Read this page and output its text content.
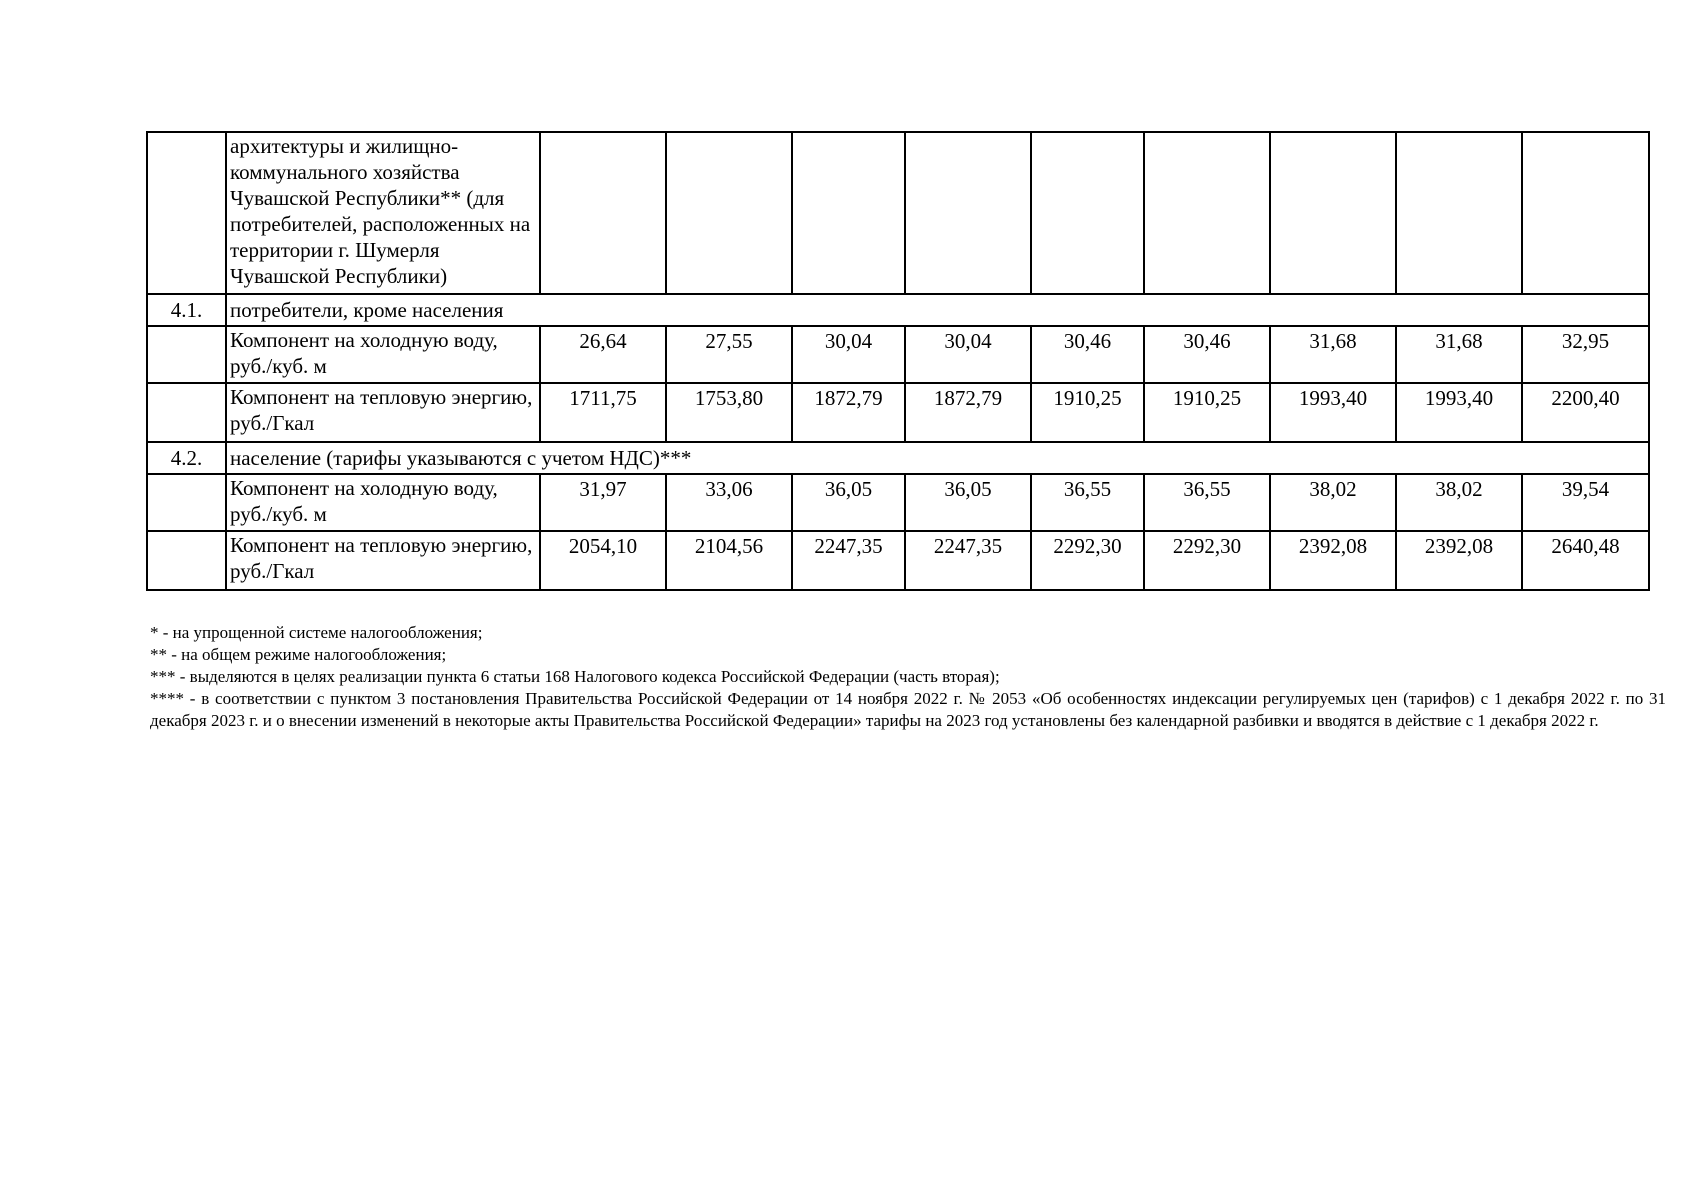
	архитектуры и жилищно-коммунального хозяйства Чувашской Республики** (для потребителей, расположенных на территории г. Шумерля Чувашской Республики)									
4.1.	потребители, кроме населения									
	Компонент на холодную воду, руб./куб. м	26,64	27,55	30,04	30,04	30,46	30,46	31,68	31,68	32,95
	Компонент на тепловую энергию, руб./Гкал	1711,75	1753,80	1872,79	1872,79	1910,25	1910,25	1993,40	1993,40	2200,40
4.2.	население (тарифы указываются с учетом НДС)***									
	Компонент на холодную воду, руб./куб. м	31,97	33,06	36,05	36,05	36,55	36,55	38,02	38,02	39,54
	Компонент на тепловую энергию, руб./Гкал	2054,10	2104,56	2247,35	2247,35	2292,30	2292,30	2392,08	2392,08	2640,48

* - на упрощенной системе налогообложения;

** - на общем режиме налогообложения;

*** - выделяются в целях реализации пункта 6 статьи 168 Налогового кодекса Российской Федерации (часть вторая);

**** - в соответствии с пунктом 3 постановления Правительства Российской Федерации от 14 ноября 2022 г. № 2053 «Об особенностях индексации регулируемых цен (тарифов) с 1 декабря 2022 г. по 31 декабря 2023 г. и о внесении изменений в некоторые акты Правительства Российской Федерации» тарифы на 2023 год установлены без календарной разбивки и вводятся в действие с 1 декабря 2022 г.
